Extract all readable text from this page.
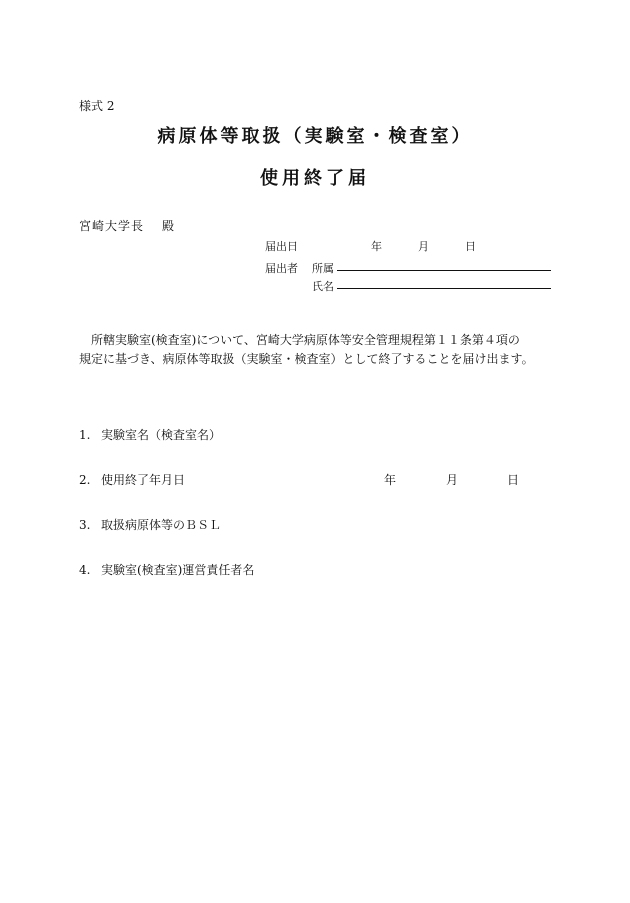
様式 2
病原体等取扱（実験室・検査室）
使用終了届
宮崎大学長 殿
届出日	年	月	日
届出者 所属
氏名

所轄実験室(検査室)について、宮崎大学病原体等安全管理規程第１１条第４項の

規定に基づき、病原体等取扱（実験室・検査室）として終了することを届け出ます。

1. 実験室名（検査室名）
2. 使用終了年月日	年	月	日
3. 取扱病原体等のＢＳＬ
4. 実験室(検査室)運営責任者名
